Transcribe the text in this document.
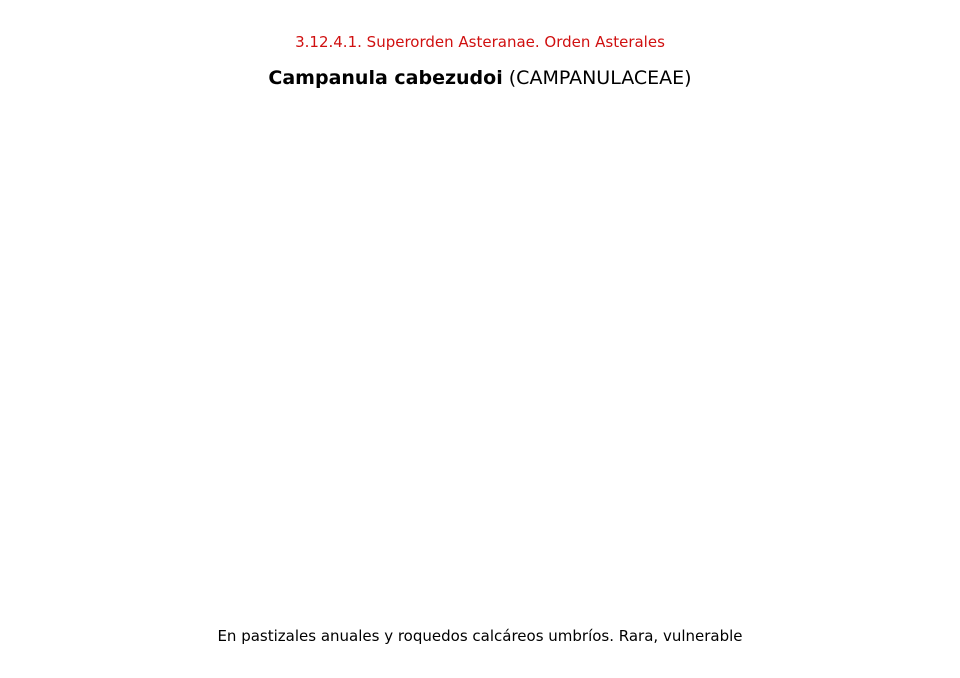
3.12.4.1. Superorden Asteranae. Orden Asterales
Campanula cabezudoi (CAMPANULACEAE)
En pastizales anuales y roquedos calcáreos umbríos. Rara, vulnerable
